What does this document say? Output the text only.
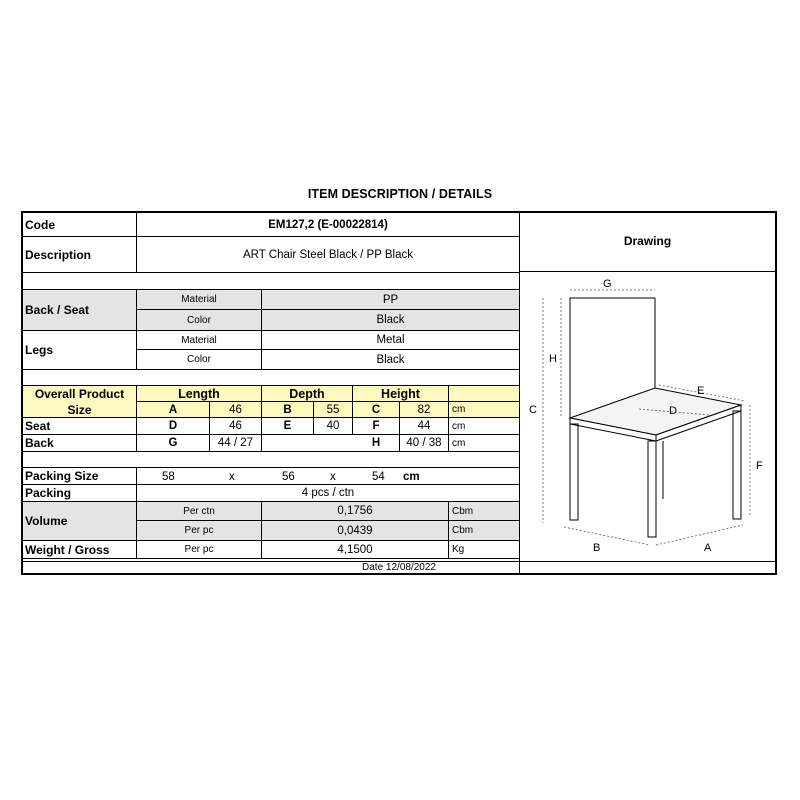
ITEM DESCRIPTION / DETAILS
Code	EM127,2 (E-00022814)
Description	ART Chair Steel Black / PP Black
Drawing
Back / Seat
Material	PP
Color	Black
Legs
Material	Metal
Color	Black
Overall Product
Size
Length	Depth	Height
A	46	B	55	C	82	cm
Seat	D	46	E	40	F	44	cm
Back	G	44 / 27	H	40 / 38	cm
Packing Size	58	x	56	x	54	cm
Packing	4 pcs / ctn
Volume
Per ctn	0,1756	Cbm
Per pc	0,0439	Cbm
Weight / Gross	Per pc	4,1500	Kg
Date 12/08/2022
G
H
C
E
D
F
B	A
